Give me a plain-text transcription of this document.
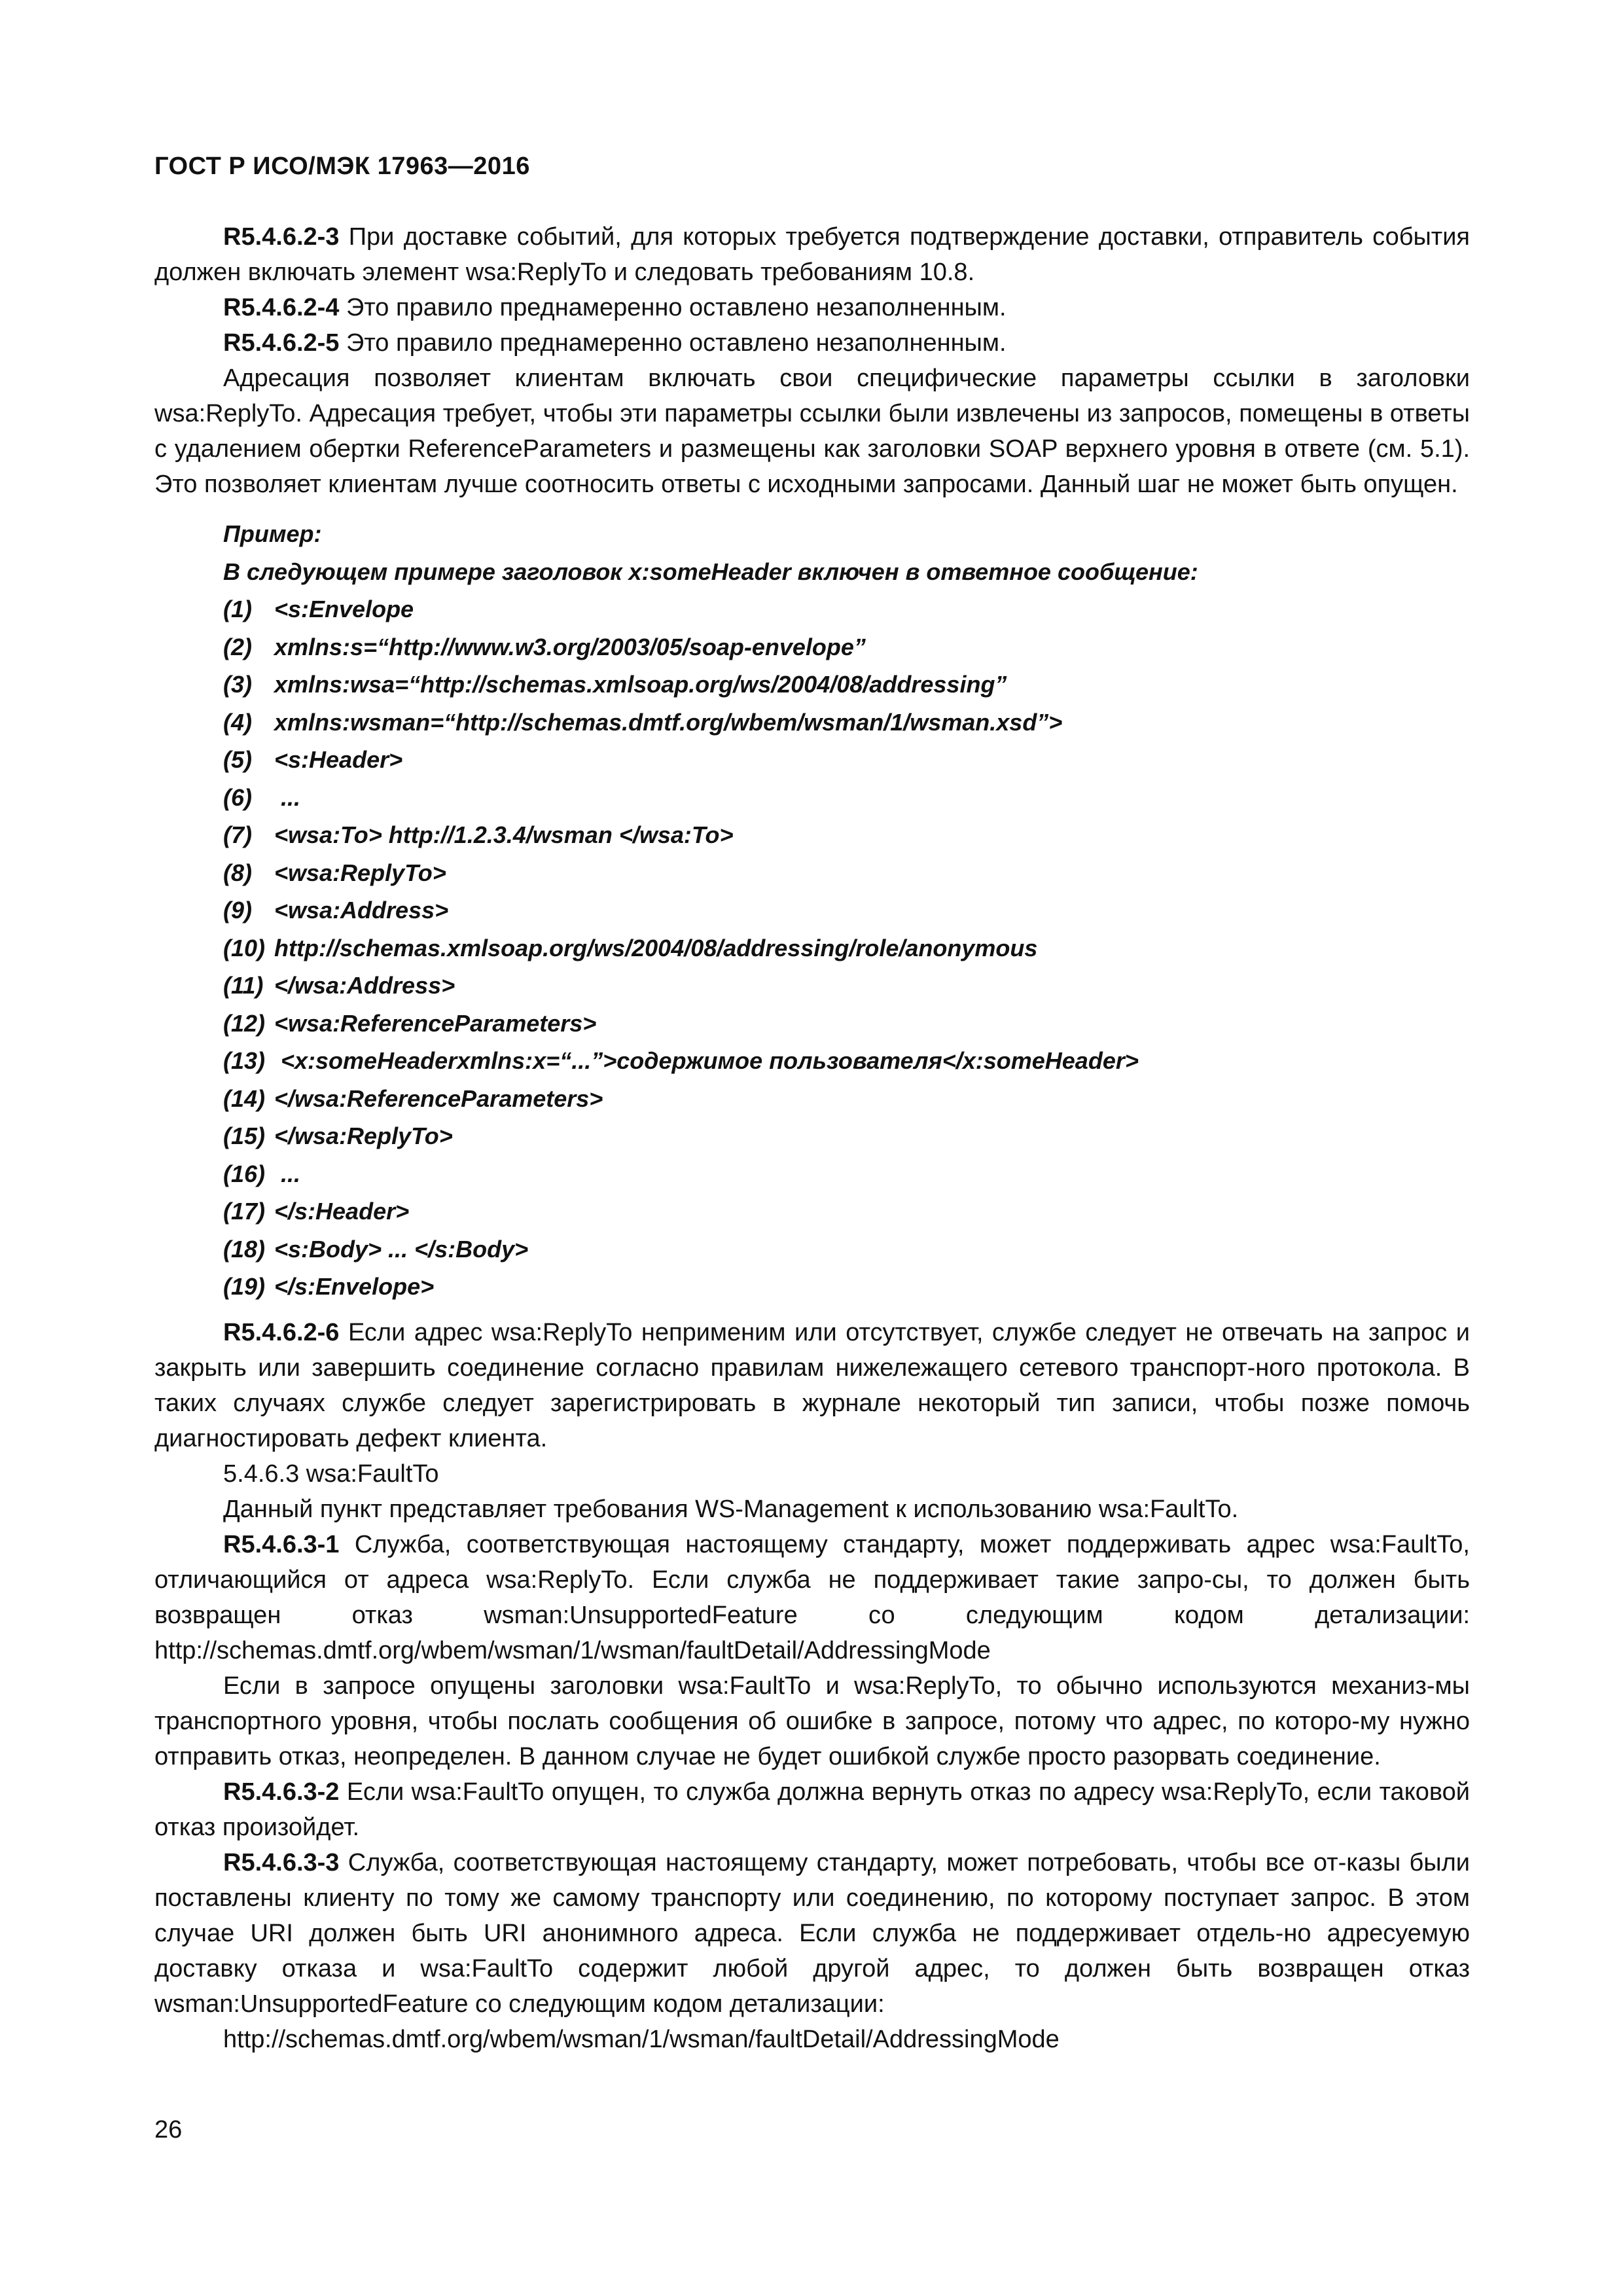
ГОСТ Р ИСО/МЭК 17963—2016

R5.4.6.2-3 При доставке событий, для которых требуется подтверждение доставки, отправитель события должен включать элемент wsa:ReplyTo и следовать требованиям 10.8.

R5.4.6.2-4 Это правило преднамеренно оставлено незаполненным.

R5.4.6.2-5 Это правило преднамеренно оставлено незаполненным.

Адресация позволяет клиентам включать свои специфические параметры ссылки в заголовки wsa:ReplyTo. Адресация требует, чтобы эти параметры ссылки были извлечены из запросов, помещены в ответы с удалением обертки ReferenceParameters и размещены как заголовки SOAP верхнего уровня в ответе (см. 5.1). Это позволяет клиентам лучше соотносить ответы с исходными запросами. Данный шаг не может быть опущен.

Пример:
В следующем примере заголовок x:someHeader включен в ответное сообщение:
(1) <s:Envelope
(2) xmlns:s=“http://www.w3.org/2003/05/soap-envelope”
(3) xmlns:wsa=“http://schemas.xmlsoap.org/ws/2004/08/addressing”
(4) xmlns:wsman=“http://schemas.dmtf.org/wbem/wsman/1/wsman.xsd”>
(5) <s:Header>
(6) ...
(7) <wsa:To> http://1.2.3.4/wsman </wsa:To>
(8) <wsa:ReplyTo>
(9) <wsa:Address>
(10) http://schemas.xmlsoap.org/ws/2004/08/addressing/role/anonymous
(11) </wsa:Address>
(12) <wsa:ReferenceParameters>
(13) <x:someHeaderxmlns:x=“...”>содержимое пользователя</x:someHeader>
(14) </wsa:ReferenceParameters>
(15) </wsa:ReplyTo>
(16) ...
(17) </s:Header>
(18) <s:Body> ... </s:Body>
(19) </s:Envelope>

R5.4.6.2-6 Если адрес wsa:ReplyTo неприменим или отсутствует, службе следует не отвечать на запрос и закрыть или завершить соединение согласно правилам нижележащего сетевого транспорт-ного протокола. В таких случаях службе следует зарегистрировать в журнале некоторый тип записи, чтобы позже помочь диагностировать дефект клиента.

5.4.6.3 wsa:FaultTo

Данный пункт представляет требования WS-Management к использованию wsa:FaultTo.

R5.4.6.3-1 Служба, соответствующая настоящему стандарту, может поддерживать адрес wsa:FaultTo, отличающийся от адреса wsa:ReplyTo. Если служба не поддерживает такие запро-сы, то должен быть возвращен отказ wsman:UnsupportedFeature со следующим кодом детализации: http://schemas.dmtf.org/wbem/wsman/1/wsman/faultDetail/AddressingMode

Если в запросе опущены заголовки wsa:FaultTo и wsa:ReplyTo, то обычно используются механиз-мы транспортного уровня, чтобы послать сообщения об ошибке в запросе, потому что адрес, по которо-му нужно отправить отказ, неопределен. В данном случае не будет ошибкой службе просто разорвать соединение.

R5.4.6.3-2 Если wsa:FaultTo опущен, то служба должна вернуть отказ по адресу wsa:ReplyTo, если таковой отказ произойдет.

R5.4.6.3-3 Служба, соответствующая настоящему стандарту, может потребовать, чтобы все от-казы были поставлены клиенту по тому же самому транспорту или соединению, по которому поступает запрос. В этом случае URI должен быть URI анонимного адреса. Если служба не поддерживает отдель-но адресуемую доставку отказа и wsa:FaultTo содержит любой другой адрес, то должен быть возвращен отказ wsman:UnsupportedFeature со следующим кодом детализации:

http://schemas.dmtf.org/wbem/wsman/1/wsman/faultDetail/AddressingMode

26
